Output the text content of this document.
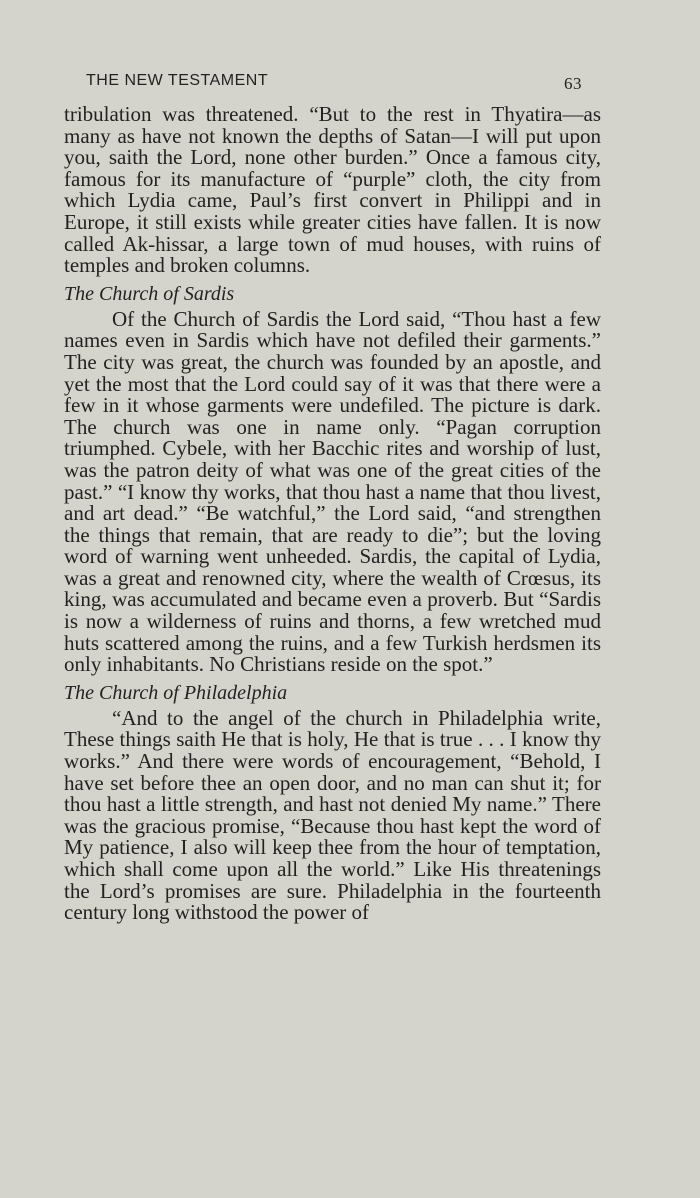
THE NEW TESTAMENT	63

tribulation was threatened. “But to the rest in Thyatira—as many as have not known the depths of Satan—I will put upon you, saith the Lord, none other burden.” Once a famous city, famous for its manufacture of “purple” cloth, the city from which Lydia came, Paul’s first convert in Philippi and in Europe, it still exists while greater cities have fallen. It is now called Ak-hissar, a large town of mud houses, with ruins of temples and broken columns.

The Church of Sardis

Of the Church of Sardis the Lord said, “Thou hast a few names even in Sardis which have not defiled their garments.” The city was great, the church was founded by an apostle, and yet the most that the Lord could say of it was that there were a few in it whose garments were undefiled. The picture is dark. The church was one in name only. “Pagan corruption triumphed. Cybele, with her Bacchic rites and worship of lust, was the patron deity of what was one of the great cities of the past.” “I know thy works, that thou hast a name that thou livest, and art dead.” “Be watchful,” the Lord said, “and strengthen the things that remain, that are ready to die”; but the loving word of warning went unheeded. Sardis, the capital of Lydia, was a great and renowned city, where the wealth of Crœsus, its king, was accumulated and became even a proverb. But “Sardis is now a wilderness of ruins and thorns, a few wretched mud huts scattered among the ruins, and a few Turkish herdsmen its only inhabitants. No Christians reside on the spot.”

The Church of Philadelphia

“And to the angel of the church in Philadelphia write, These things saith He that is holy, He that is true . . . I know thy works.” And there were words of encouragement, “Behold, I have set before thee an open door, and no man can shut it; for thou hast a little strength, and hast not denied My name.” There was the gracious promise, “Because thou hast kept the word of My patience, I also will keep thee from the hour of temptation, which shall come upon all the world.” Like His threatenings the Lord’s promises are sure. Philadelphia in the fourteenth century long withstood the power of
